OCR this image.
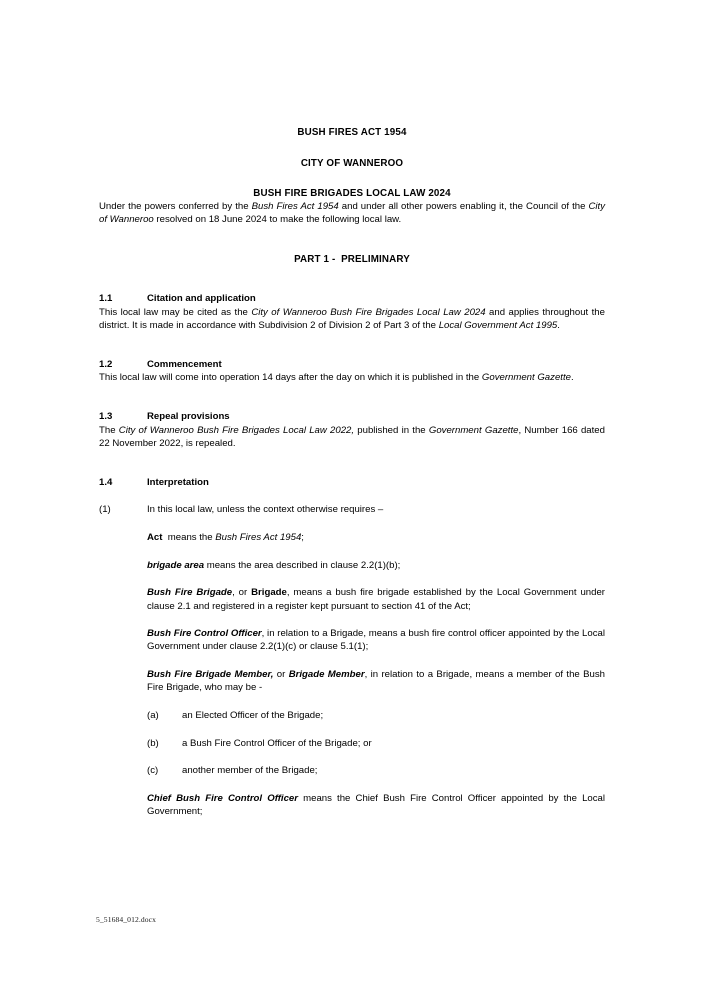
BUSH FIRES ACT 1954
CITY OF WANNEROO
BUSH FIRE BRIGADES LOCAL LAW 2024

Under the powers conferred by the Bush Fires Act 1954 and under all other powers enabling it, the Council of the City of Wanneroo resolved on 18 June 2024 to make the following local law.

PART 1 -  PRELIMINARY
1.1	Citation and application

This local law may be cited as the City of Wanneroo Bush Fire Brigades Local Law 2024 and applies throughout the district. It is made in accordance with Subdivision 2 of Division 2 of Part 3 of the Local Government Act 1995.

1.2	Commencement

This local law will come into operation 14 days after the day on which it is published in the Government Gazette.

1.3	Repeal provisions

The City of Wanneroo Bush Fire Brigades Local Law 2022, published in the Government Gazette, Number 166 dated 22 November 2022, is repealed.

1.4	Interpretation
(1)	In this local law, unless the context otherwise requires –
Act  means the Bush Fires Act 1954;
brigade area means the area described in clause 2.2(1)(b);
Bush Fire Brigade, or Brigade, means a bush fire brigade established by the Local Government under clause 2.1 and registered in a register kept pursuant to section 41 of the Act;
Bush Fire Control Officer, in relation to a Brigade, means a bush fire control officer appointed by the Local Government under clause 2.2(1)(c) or clause 5.1(1);
Bush Fire Brigade Member, or Brigade Member, in relation to a Brigade, means a member of the Bush Fire Brigade, who may be -
(a)	an Elected Officer of the Brigade;
(b)	a Bush Fire Control Officer of the Brigade; or
(c)	another member of the Brigade;
Chief Bush Fire Control Officer means the Chief Bush Fire Control Officer appointed by the Local Government;
5_51684_012.docx
